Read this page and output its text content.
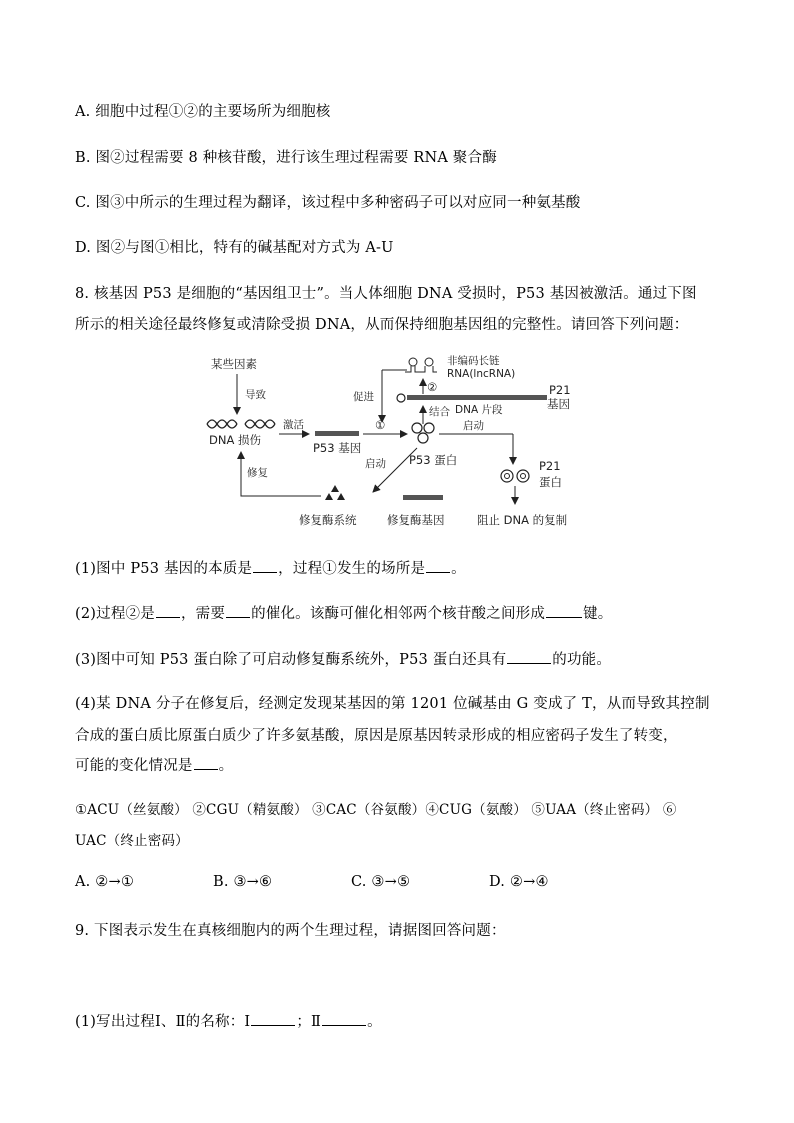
A. 细胞中过程①②的主要场所为细胞核
B. 图②过程需要 8 种核苷酸，进行该生理过程需要 RNA 聚合酶
C. 图③中所示的生理过程为翻译，该过程中多种密码子可以对应同一种氨基酸
D. 图②与图①相比，特有的碱基配对方式为 A-U
8. 核基因 P53 是细胞的“基因组卫士”。当人体细胞 DNA 受损时，P53 基因被激活。通过下图
所示的相关途径最终修复或清除受损 DNA，从而保持细胞基因组的完整性。请回答下列问题：
某些因素
导致
DNA 损伤
激活
P53 基因
①
促进
非编码长链
RNA(lncRNA)
②	P21
基因
结合 DNA 片段
P53 蛋白
启动
P21
蛋白
阻止 DNA 的复制
启动
修复酶系统	修复酶基因
修复
(1)图中 P53 基因的本质是 ，过程①发生的场所是 。
(2)过程②是 ，需要 的催化。该酶可催化相邻两个核苷酸之间形成	键。
(3)图中可知 P53 蛋白除了可启动修复酶系统外，P53 蛋白还具有	的功能。
(4)某 DNA 分子在修复后，经测定发现某基因的第 1201 位碱基由 G 变成了 T，从而导致其控制
合成的蛋白质比原蛋白质少了许多氨基酸，原因是原基因转录形成的相应密码子发生了转变，
可能的变化情况是 。
①ACU（丝氨酸） ②CGU（精氨酸） ③CAC（谷氨酸）④CUG（氨酸） ⑤UAA（终止密码） ⑥
UAC（终止密码）
A. ②→①	B. ③→⑥	C. ③→⑤	D. ②→④
9. 下图表示发生在真核细胞内的两个生理过程，请据图回答问题：
(1)写出过程Ⅰ、Ⅱ的名称：Ⅰ	；Ⅱ	。
